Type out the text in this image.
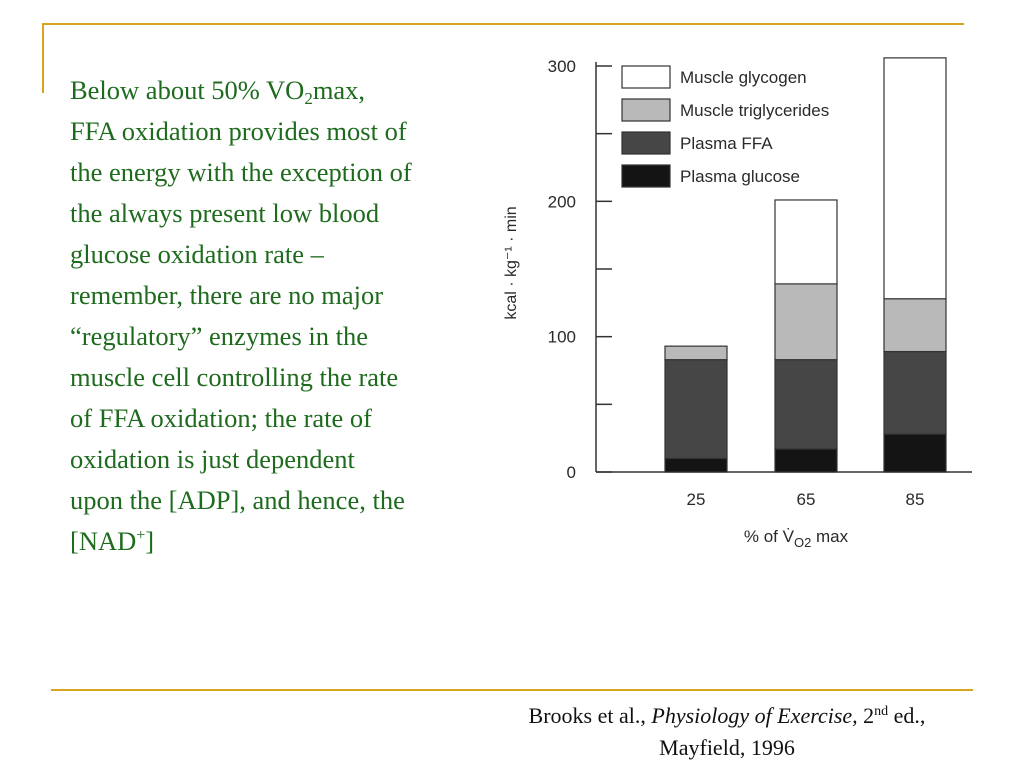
Below about 50% $VO_2\max$,
FFA oxidation provides most of
the energy with the exception of
the always present low blood
glucose oxidation rate –
remember, there are no major
“regulatory” enzymes in the
muscle cell controlling the rate
of FFA oxidation; the rate of
oxidation is just dependent
upon the [ADP], and hence, the
[NAD+]
0
100
200
300
kcal · kg⁻¹ · min
25	65	85
% of $V̇_{O2}$ max
Muscle glycogen
Muscle triglycerides
Plasma FFA
Plasma glucose
Brooks et al., Physiology of Exercise, 2nd ed.,
Mayfield, 1996
